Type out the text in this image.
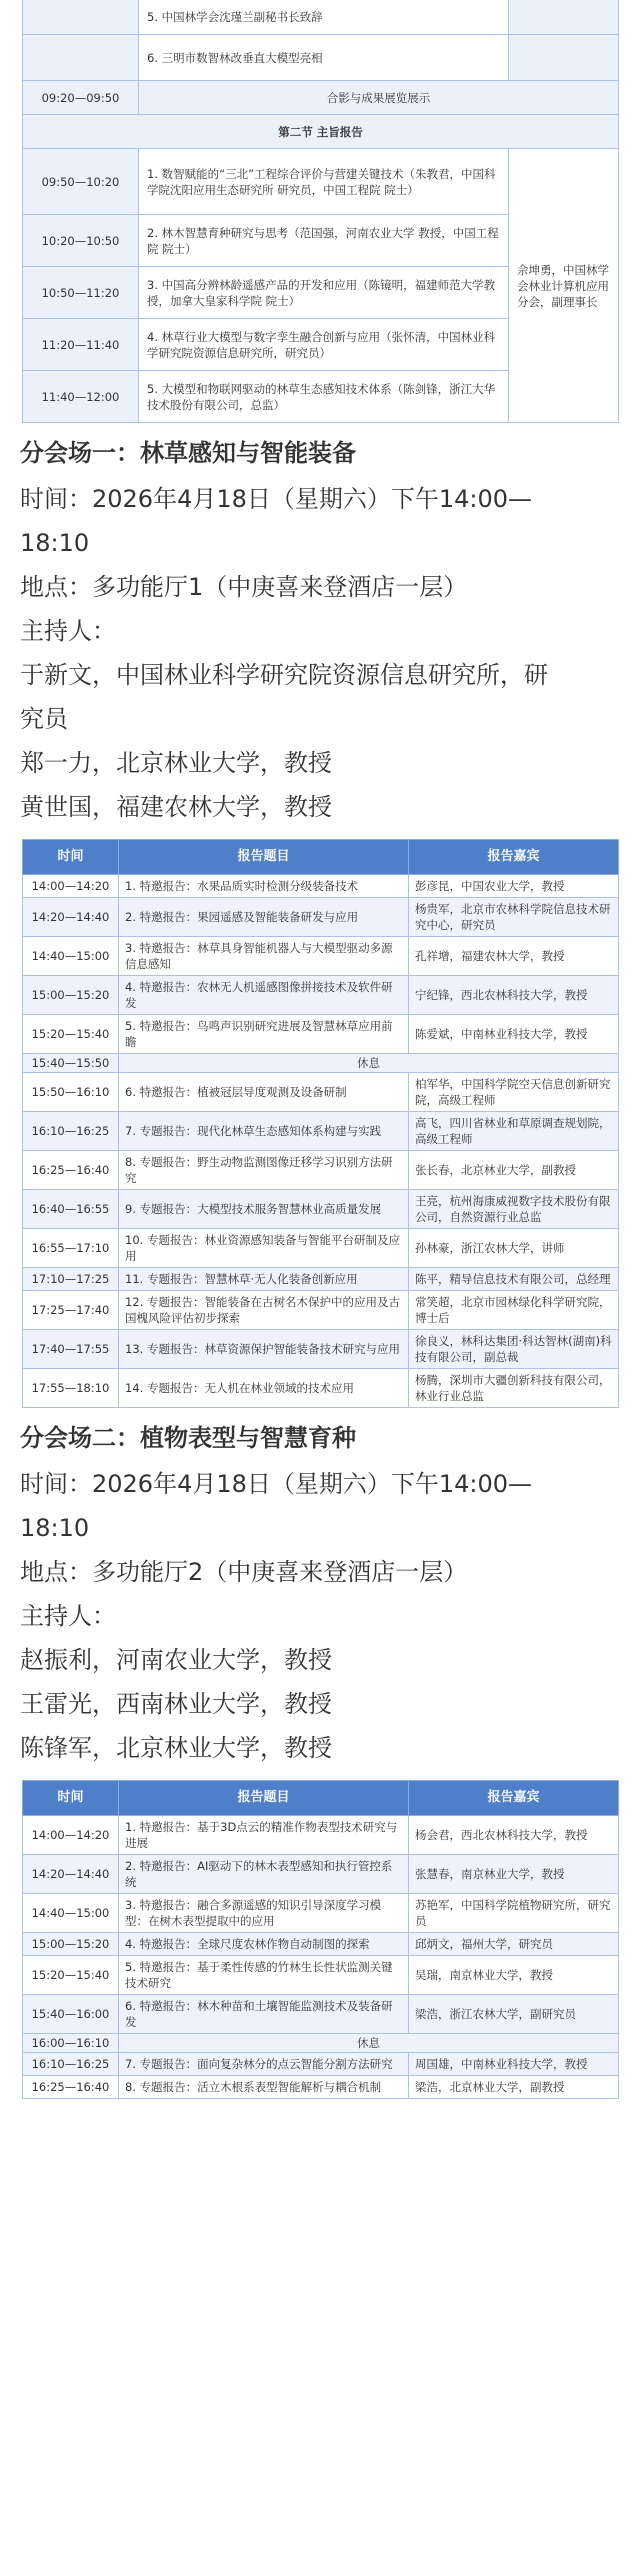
	5. 中国林学会沈瑾兰副秘书长致辞	
	6. 三明市数智林改垂直大模型亮相	
09:20—09:50	合影与成果展览展示	
第二节 主旨报告		
09:50—10:20	1. 数智赋能的“三北”工程综合评价与营建关键技术（朱教君，中国科学院沈阳应用生态研究所 研究员，中国工程院 院士）	佘坤勇，中国林学会林业计算机应用分会，副理事长
10:20—10:50	2. 林木智慧育种研究与思考（范国强，河南农业大学 教授，中国工程院 院士）	
10:50—11:20	3. 中国高分辨林龄遥感产品的开发和应用（陈镜明，福建师范大学教授，加拿大皇家科学院 院士）	
11:20—11:40	4. 林草行业大模型与数字孪生融合创新与应用（张怀清，中国林业科学研究院资源信息研究所，研究员）	
11:40—12:00	5. 大模型和物联网驱动的林草生态感知技术体系（陈剑锋，浙江大华技术股份有限公司，总监）	
分会场一：林草感知与智能装备

时间：2026年4月18日（星期六）下午14:00—

18:10

地点：多功能厅1（中庚喜来登酒店一层）

主持人：

于新文，中国林业科学研究院资源信息研究所，研

究员

郑一力，北京林业大学，教授

黄世国，福建农林大学，教授

时间	报告题目	报告嘉宾
14:00—14:20	1. 特邀报告：水果品质实时检测分级装备技术	彭彦昆，中国农业大学，教授
14:20—14:40	2. 特邀报告：果园遥感及智能装备研发与应用	杨贵军，北京市农林科学院信息技术研究中心，研究员
14:40—15:00	3. 特邀报告：林草具身智能机器人与大模型驱动多源信息感知	孔祥增，福建农林大学，教授
15:00—15:20	4. 特邀报告：农林无人机遥感图像拼接技术及软件研发	宁纪锋，西北农林科技大学，教授
15:20—15:40	5. 特邀报告：鸟鸣声识别研究进展及智慧林草应用前瞻	陈爱斌，中南林业科技大学，教授
15:40—15:50	休息	
15:50—16:10	6. 特邀报告：植被冠层导度观测及设备研制	柏军华，中国科学院空天信息创新研究院，高级工程师
16:10—16:25	7. 专题报告：现代化林草生态感知体系构建与实践	高飞，四川省林业和草原调查规划院，高级工程师
16:25—16:40	8. 专题报告：野生动物监测图像迁移学习识别方法研究	张长春，北京林业大学，副教授
16:40—16:55	9. 专题报告：大模型技术服务智慧林业高质量发展	王亮，杭州海康威视数字技术股份有限公司，自然资源行业总监
16:55—17:10	10. 专题报告：林业资源感知装备与智能平台研制及应用	孙林豪，浙江农林大学，讲师
17:10—17:25	11. 专题报告：智慧林草·无人化装备创新应用	陈平，精导信息技术有限公司，总经理
17:25—17:40	12. 专题报告：智能装备在古树名木保护中的应用及古国槐风险评估初步探索	常笑超，北京市园林绿化科学研究院，博士后
17:40—17:55	13. 专题报告：林草资源保护智能装备技术研究与应用	徐良义，林科达集团·科达智林(湖南)科技有限公司，副总裁
17:55—18:10	14. 专题报告：无人机在林业领域的技术应用	杨腾，深圳市大疆创新科技有限公司，林业行业总监
分会场二：植物表型与智慧育种

时间：2026年4月18日（星期六）下午14:00—

18:10

地点：多功能厅2（中庚喜来登酒店一层）

主持人：

赵振利，河南农业大学，教授

王雷光，西南林业大学，教授

陈锋军，北京林业大学，教授

时间	报告题目	报告嘉宾
14:00—14:20	1. 特邀报告：基于3D点云的精准作物表型技术研究与进展	杨会君，西北农林科技大学，教授
14:20—14:40	2. 特邀报告：AI驱动下的林木表型感知和执行管控系统	张慧春，南京林业大学，教授
14:40—15:00	3. 特邀报告：融合多源遥感的知识引导深度学习模型：在树木表型提取中的应用	苏艳军，中国科学院植物研究所，研究员
15:00—15:20	4. 特邀报告：全球尺度农林作物自动制图的探索	邱炳文，福州大学，研究员
15:20—15:40	5. 特邀报告：基于柔性传感的竹林生长性状监测关键技术研究	吴瑞，南京林业大学，教授
15:40—16:00	6. 特邀报告：林木种苗和土壤智能监测技术及装备研发	梁浩，浙江农林大学，副研究员
16:00—16:10	休息	
16:10—16:25	7. 专题报告：面向复杂林分的点云智能分割方法研究	周国雄，中南林业科技大学，教授
16:25—16:40	8. 专题报告：活立木根系表型智能解析与耦合机制	梁浩，北京林业大学，副教授
